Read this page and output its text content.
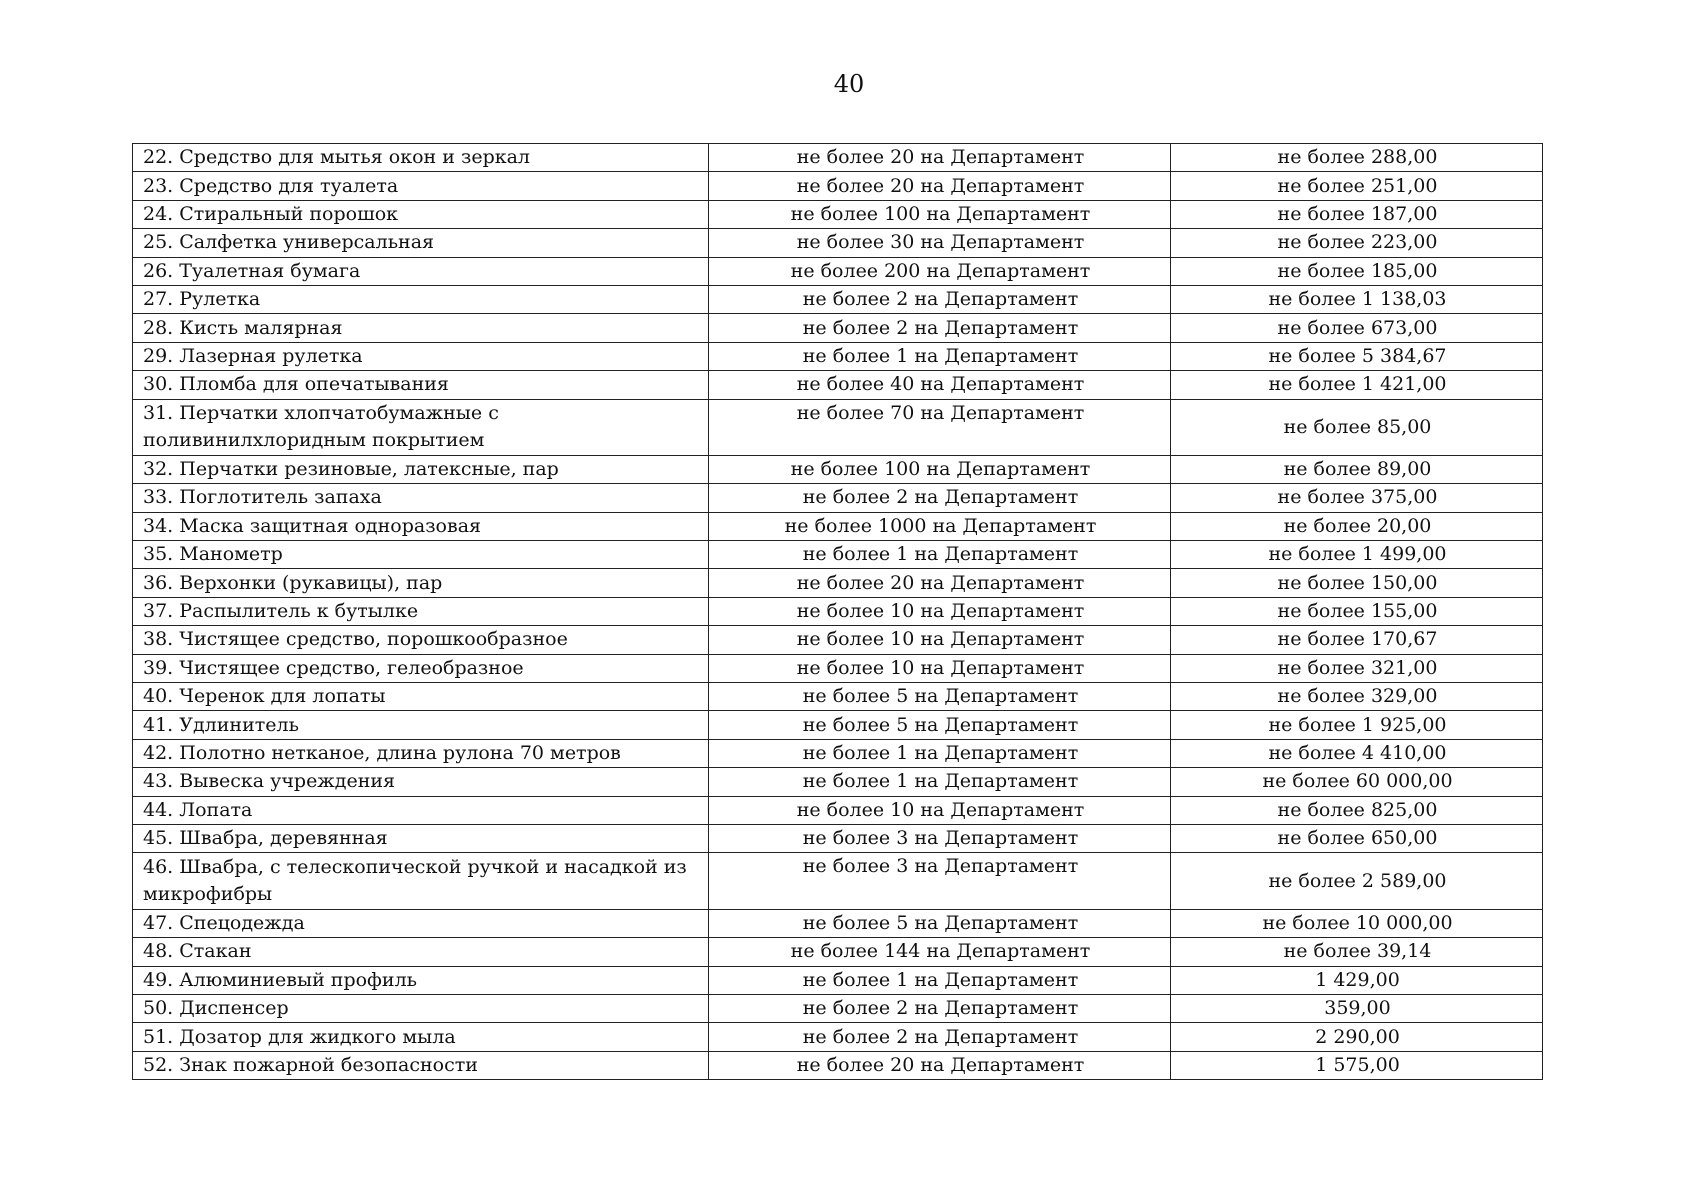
40
22. Средство для мытья окон и зеркал	не более 20 на Департамент	не более 288,00
23. Средство для туалета	не более 20 на Департамент	не более 251,00
24. Стиральный порошок	не более 100 на Департамент	не более 187,00
25. Салфетка универсальная	не более 30 на Департамент	не более 223,00
26. Туалетная бумага	не более 200 на Департамент	не более 185,00
27. Рулетка	не более 2 на Департамент	не более 1 138,03
28. Кисть малярная	не более 2 на Департамент	не более 673,00
29. Лазерная рулетка	не более 1 на Департамент	не более 5 384,67
30. Пломба для опечатывания	не более 40 на Департамент	не более 1 421,00
31. Перчатки хлопчатобумажные с поливинилхлоридным покрытием	не более 70 на Департамент	не более 85,00
32. Перчатки резиновые, латексные, пар	не более 100 на Департамент	не более 89,00
33. Поглотитель запаха	не более 2 на Департамент	не более 375,00
34. Маска защитная одноразовая	не более 1000 на Департамент	не более 20,00
35. Манометр	не более 1 на Департамент	не более 1 499,00
36. Верхонки (рукавицы), пар	не более 20 на Департамент	не более 150,00
37. Распылитель к бутылке	не более 10 на Департамент	не более 155,00
38. Чистящее средство, порошкообразное	не более 10 на Департамент	не более 170,67
39. Чистящее средство, гелеобразное	не более 10 на Департамент	не более 321,00
40. Черенок для лопаты	не более 5 на Департамент	не более 329,00
41. Удлинитель	не более 5 на Департамент	не более 1 925,00
42. Полотно нетканое, длина рулона 70 метров	не более 1 на Департамент	не более 4 410,00
43. Вывеска учреждения	не более 1 на Департамент	не более 60 000,00
44. Лопата	не более 10 на Департамент	не более 825,00
45. Швабра, деревянная	не более 3 на Департамент	не более 650,00
46. Швабра, с телескопической ручкой и насадкой из микрофибры	не более 3 на Департамент	не более 2 589,00
47. Спецодежда	не более 5 на Департамент	не более 10 000,00
48. Стакан	не более 144 на Департамент	не более 39,14
49. Алюминиевый профиль	не более 1 на Департамент	1 429,00
50. Диспенсер	не более 2 на Департамент	359,00
51. Дозатор для жидкого мыла	не более 2 на Департамент	2 290,00
52. Знак пожарной безопасности	не более 20 на Департамент	1 575,00
